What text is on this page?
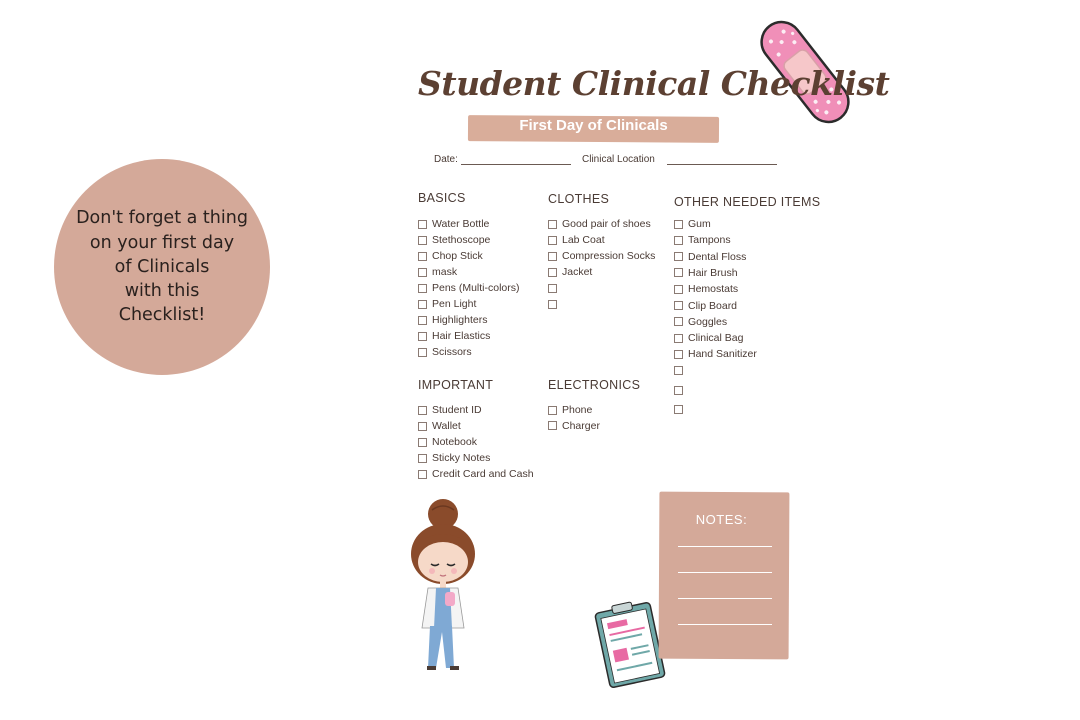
Don't forget a thing
on your first day
of Clinicals
with this
Checklist!
Student Clinical Checklist
First Day of Clinicals
Date:	Clinical Location
BASICS	CLOTHES	OTHER NEEDED ITEMS
IMPORTANT	ELECTRONICS
Water Bottle
Stethoscope
Chop Stick
mask
Pens (Multi-colors)
Pen Light
Highlighters
Hair Elastics
Scissors
Good pair of shoes
Lab Coat
Compression Socks
Jacket
Gum
Tampons
Dental Floss
Hair Brush
Hemostats
Clip Board
Goggles
Clinical Bag
Hand Sanitizer
Student ID
Wallet
Notebook
Sticky Notes
Credit Card and Cash
Phone
Charger
NOTES:
